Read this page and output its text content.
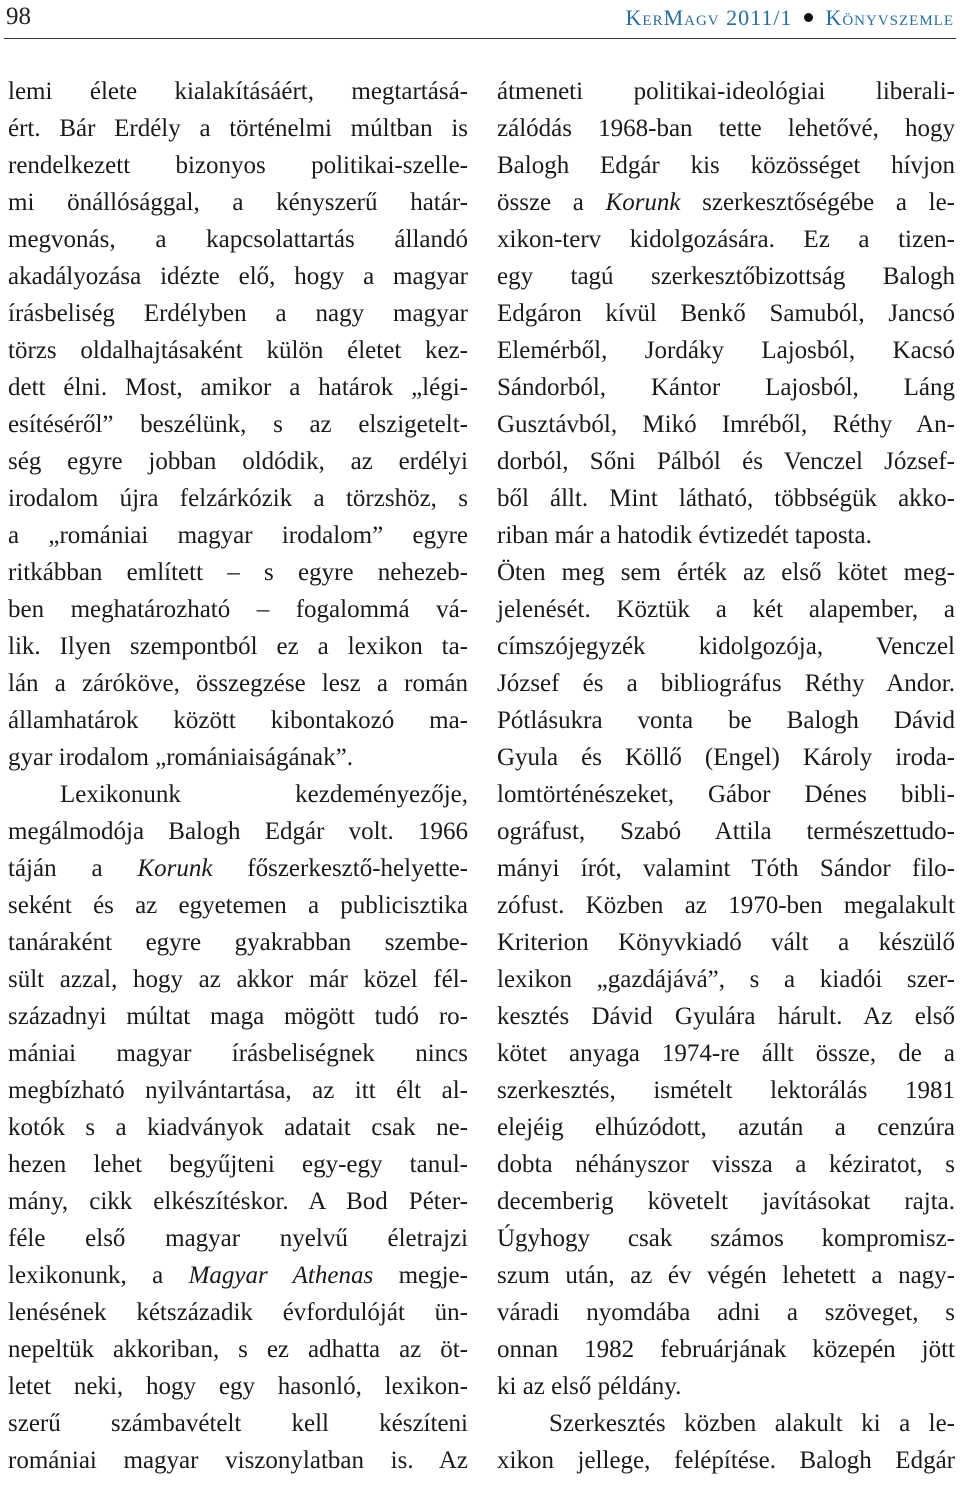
98	KerMagv 2011/1 Könyvszemle
lemi élete kialakításáért, megtartásá-
ért. Bár Erdély a történelmi múltban is
rendelkezett bizonyos politikai-szelle-
mi önállósággal, a kényszerű határ-
megvonás, a kapcsolattartás állandó
akadályozása idézte elő, hogy a magyar
írásbeliség Erdélyben a nagy magyar
törzs oldalhajtásaként külön életet kez-
dett élni. Most, amikor a határok „légi-
esítéséről” beszélünk, s az elszigetelt-
ség egyre jobban oldódik, az erdélyi
irodalom újra felzárkózik a törzshöz, s
a „romániai magyar irodalom” egyre
ritkábban említett – s egyre nehezeb-
ben meghatározható – fogalommá vá-
lik. Ilyen szempontból ez a lexikon ta-
lán a záróköve, összegzése lesz a román
államhatárok között kibontakozó ma-
gyar irodalom „romániaiságának”.
Lexikonunk kezdeményezője,
megálmodója Balogh Edgár volt. 1966
táján a Korunk főszerkesztő-helyette-
seként és az egyetemen a publicisztika
tanáraként egyre gyakrabban szembe-
sült azzal, hogy az akkor már közel fél-
századnyi múltat maga mögött tudó ro-
mániai magyar írásbeliségnek nincs
megbízható nyilvántartása, az itt élt al-
kotók s a kiadványok adatait csak ne-
hezen lehet begyűjteni egy-egy tanul-
mány, cikk elkészítéskor. A Bod Péter-
féle első magyar nyelvű életrajzi
lexikonunk, a Magyar Athenas megje-
lenésének kétszázadik évfordulóját ün-
nepeltük akkoriban, s ez adhatta az öt-
letet neki, hogy egy hasonló, lexikon-
szerű számbavételt kell készíteni
romániai magyar viszonylatban is. Az
átmeneti politikai-ideológiai liberali-
zálódás 1968-ban tette lehetővé, hogy
Balogh Edgár kis közösséget hívjon
össze a Korunk szerkesztőségébe a le-
xikon-terv kidolgozására. Ez a tizen-
egy tagú szerkesztőbizottság Balogh
Edgáron kívül Benkő Samuból, Jancsó
Elemérből, Jordáky Lajosból, Kacsó
Sándorból, Kántor Lajosból, Láng
Gusztávból, Mikó Imréből, Réthy An-
dorból, Sőni Pálból és Venczel József-
ből állt. Mint látható, többségük akko-
riban már a hatodik évtizedét taposta.
Öten meg sem érték az első kötet meg-
jelenését. Köztük a két alapember, a
címszójegyzék kidolgozója, Venczel
József és a bibliográfus Réthy Andor.
Pótlásukra vonta be Balogh Dávid
Gyula és Köllő (Engel) Károly iroda-
lomtörténészeket, Gábor Dénes bibli-
ográfust, Szabó Attila természettudo-
mányi írót, valamint Tóth Sándor filo-
zófust. Közben az 1970-ben megalakult
Kriterion Könyvkiadó vált a készülő
lexikon „gazdájává”, s a kiadói szer-
kesztés Dávid Gyulára hárult. Az első
kötet anyaga 1974-re állt össze, de a
szerkesztés, ismételt lektorálás 1981
elejéig elhúzódott, azután a cenzúra
dobta néhányszor vissza a kéziratot, s
decemberig követelt javításokat rajta.
Úgyhogy csak számos kompromisz-
szum után, az év végén lehetett a nagy-
váradi nyomdába adni a szöveget, s
onnan 1982 februárjának közepén jött
ki az első példány.
Szerkesztés közben alakult ki a le-
xikon jellege, felépítése. Balogh Edgár
